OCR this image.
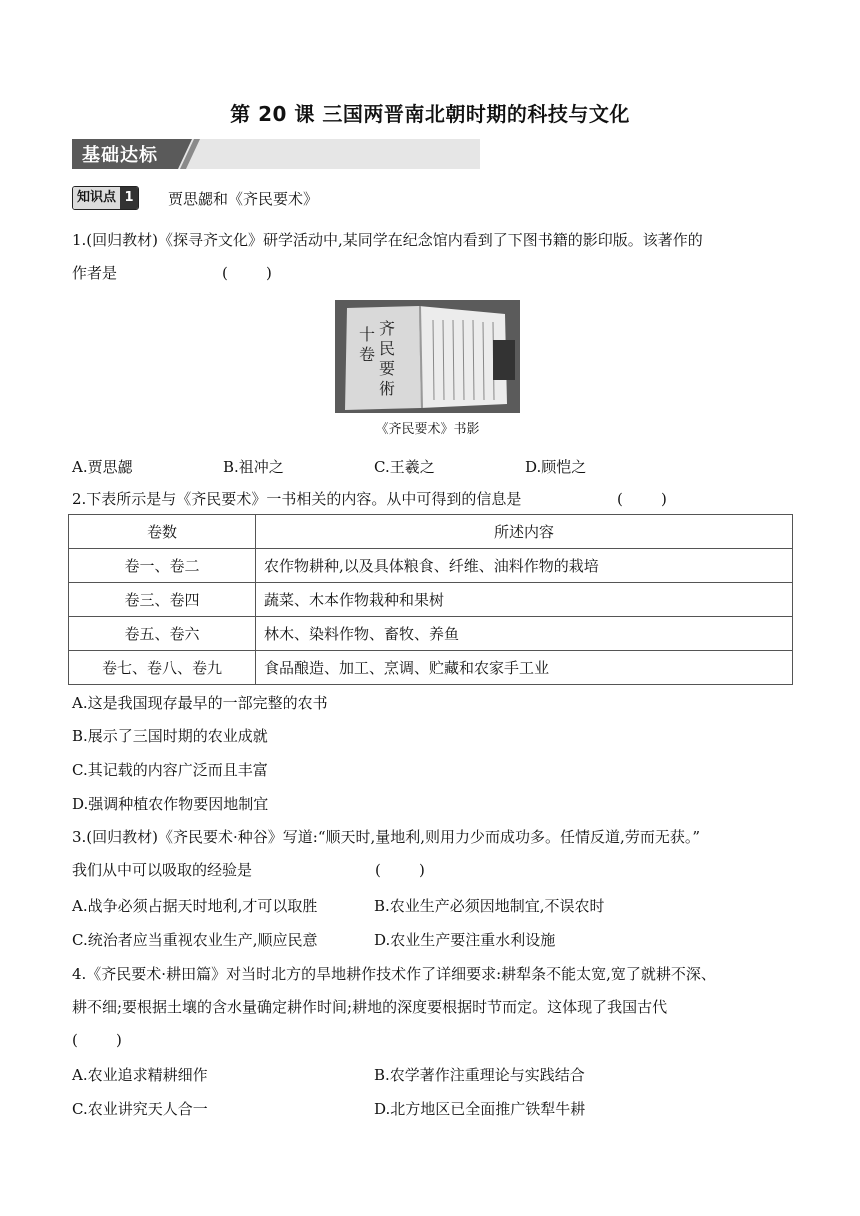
第 20 课 三国两晋南北朝时期的科技与文化
基础达标
知识点 1 贾思勰和《齐民要术》
1.(回归教材)《探寻齐文化》研学活动中,某同学在纪念馆内看到了下图书籍的影印版。该著作的
作者是	(        )
齐
民
要
術
十
卷
《齐民要术》书影
A.贾思勰	B.祖冲之	C.王羲之	D.顾恺之
2.下表所示是与《齐民要术》一书相关的内容。从中可得到的信息是	(        )
卷数	所述内容
卷一、卷二	农作物耕种,以及具体粮食、纤维、油料作物的栽培
卷三、卷四	蔬菜、木本作物栽种和果树
卷五、卷六	林木、染料作物、畜牧、养鱼
卷七、卷八、卷九	食品酿造、加工、烹调、贮藏和农家手工业
A.这是我国现存最早的一部完整的农书
B.展示了三国时期的农业成就
C.其记载的内容广泛而且丰富
D.强调种植农作物要因地制宜
3.(回归教材)《齐民要术·种谷》写道:“顺天时,量地利,则用力少而成功多。任情反道,劳而无获。”
我们从中可以吸取的经验是	(        )
A.战争必须占据天时地利,才可以取胜	B.农业生产必须因地制宜,不误农时
C.统治者应当重视农业生产,顺应民意	D.农业生产要注重水利设施
4.《齐民要术·耕田篇》对当时北方的旱地耕作技术作了详细要求:耕犁条不能太宽,宽了就耕不深、
耕不细;要根据土壤的含水量确定耕作时间;耕地的深度要根据时节而定。这体现了我国古代
(        )
A.农业追求精耕细作	B.农学著作注重理论与实践结合
C.农业讲究天人合一	D.北方地区已全面推广铁犁牛耕
